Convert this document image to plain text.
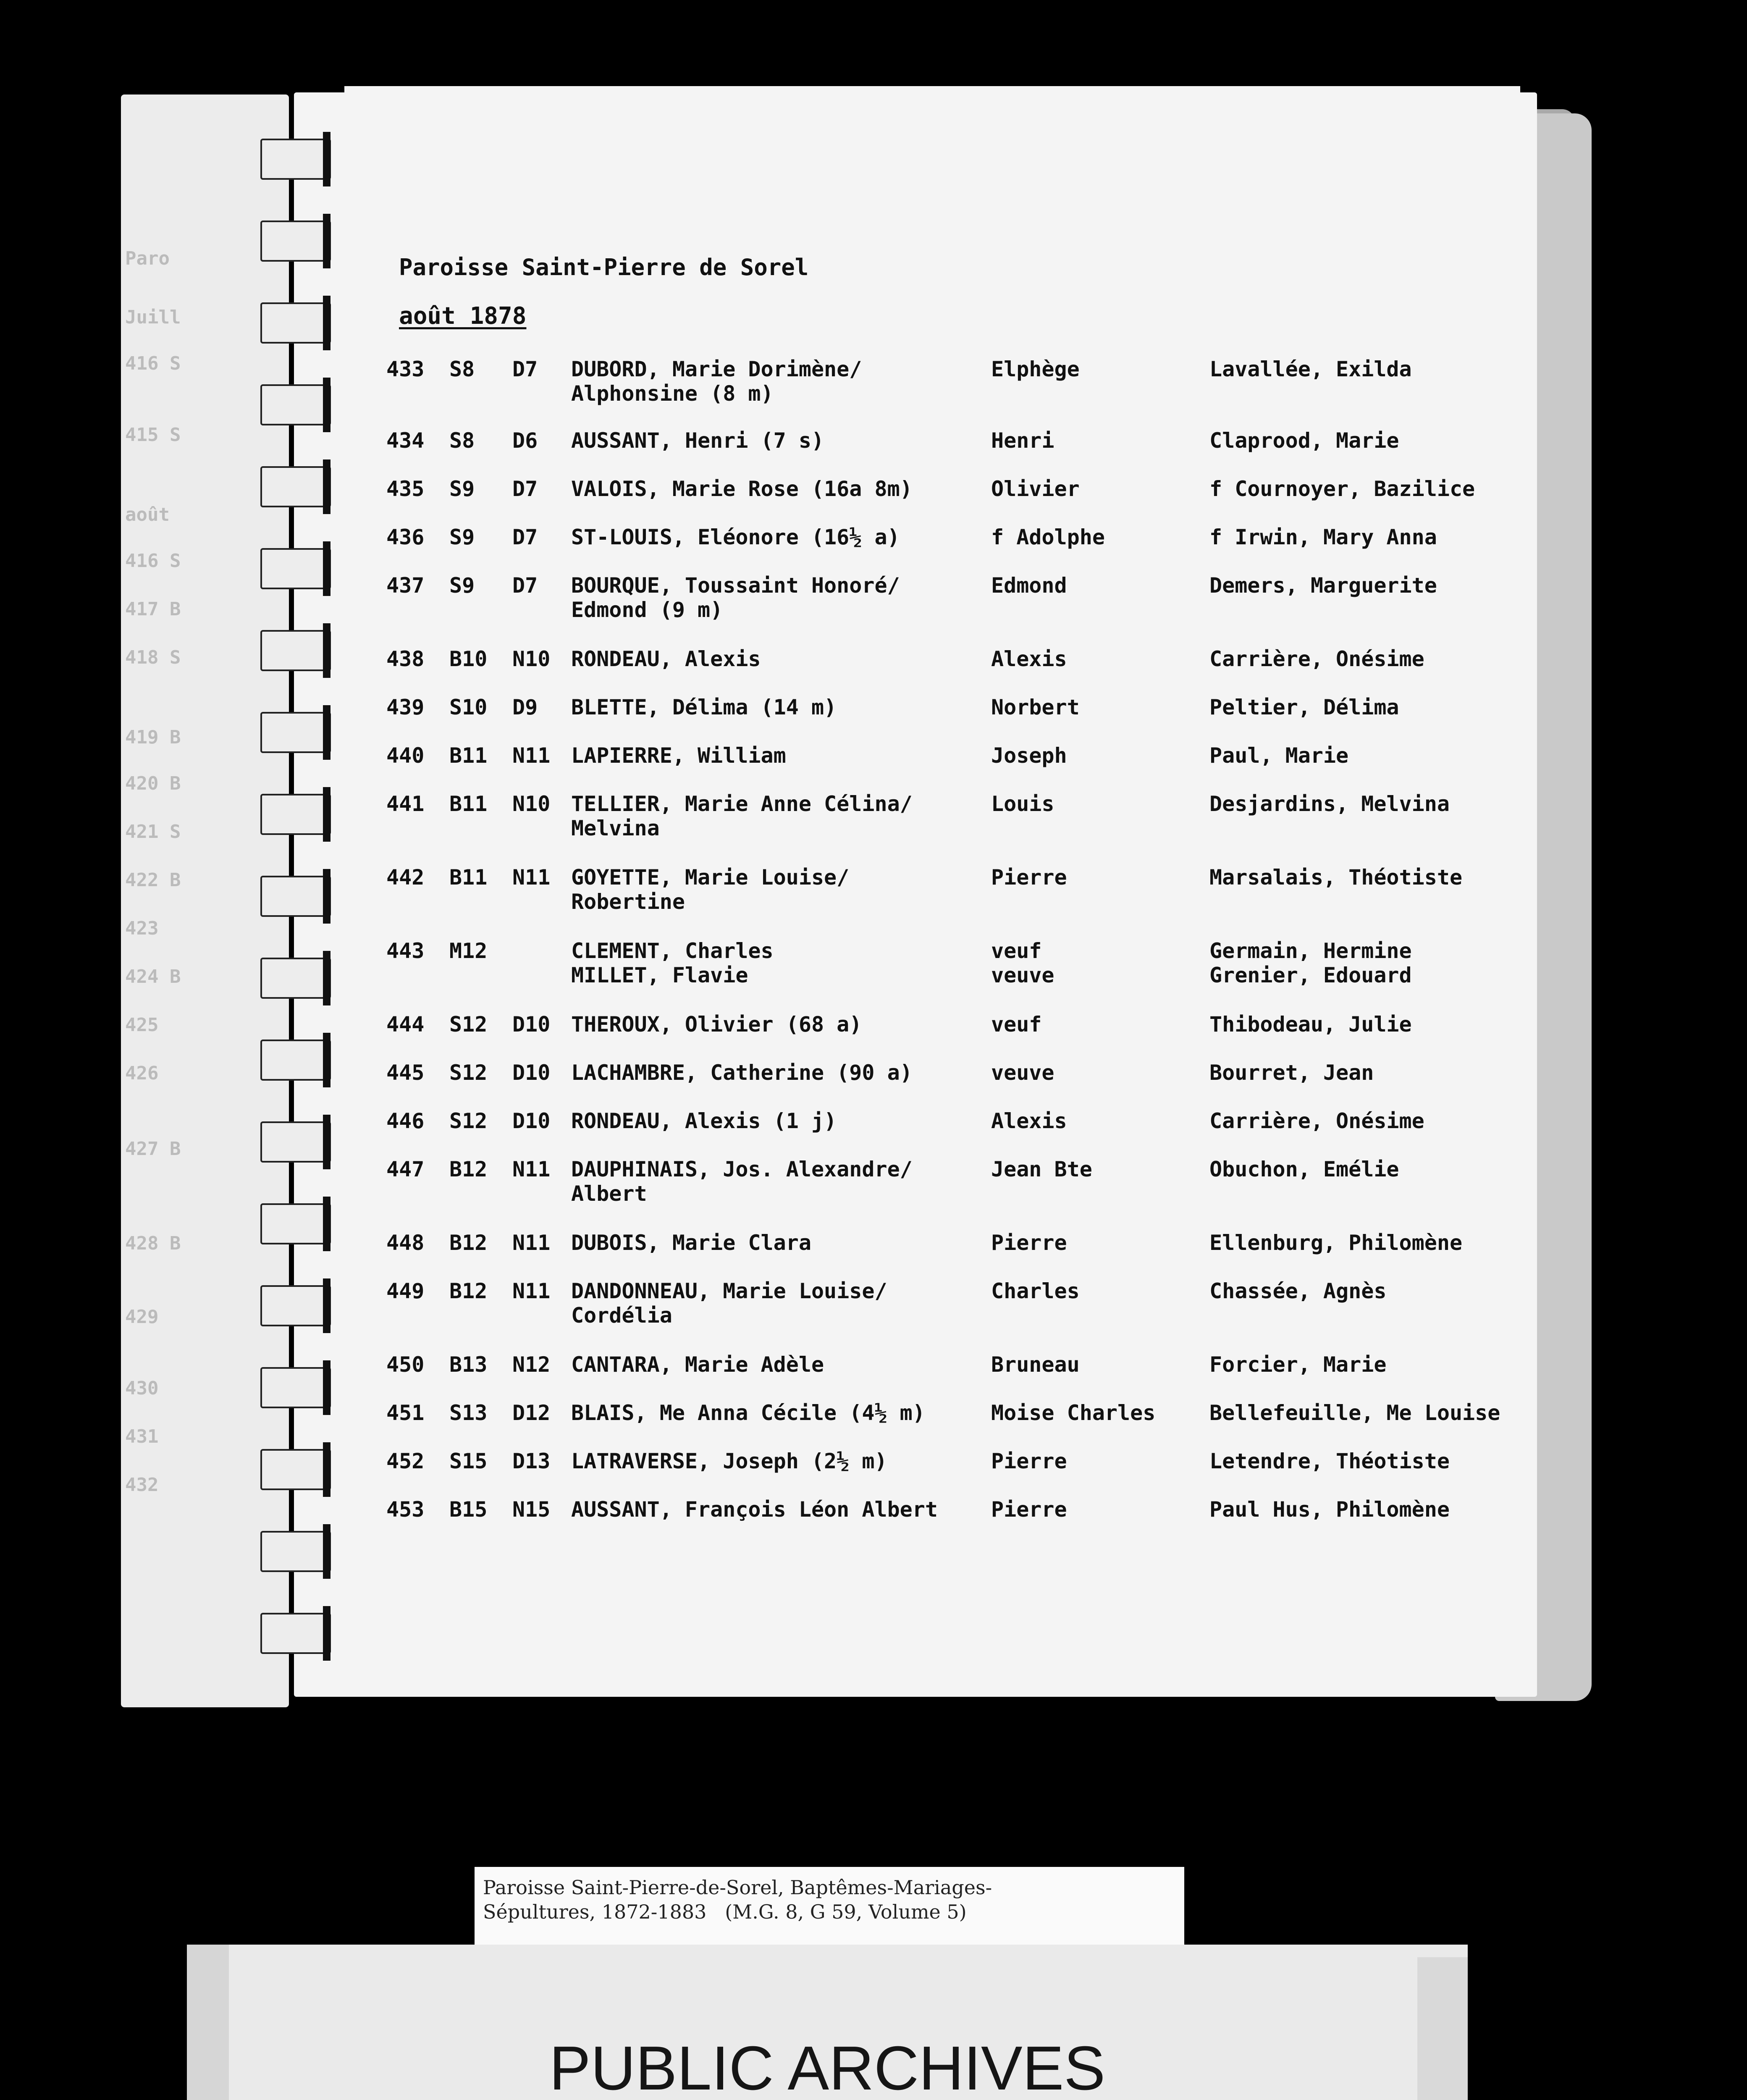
Paro
Juill
416 S
415 S
août
416 S
417 B
418 S
419 B
420 B
421 S
422 B
423
424 B
425
426
427 B
428 B
429
430
431
432
Paroisse Saint-Pierre de Sorel
août 1878
433 S8 D7 DUBORD, Marie Dorimène/	Elphège	Lavallée, Exilda
Alphonsine (8 m)
434 S8 D6 AUSSANT, Henri (7 s)	Henri	Claprood, Marie
435 S9 D7 VALOIS, Marie Rose (16a 8m)	Olivier	f Cournoyer, Bazilice
436 S9 D7 ST-LOUIS, Eléonore (16½ a)	f Adolphe	f Irwin, Mary Anna
437 S9 D7 BOURQUE, Toussaint Honoré/	Edmond	Demers, Marguerite
Edmond (9 m)
438 B10 N10 RONDEAU, Alexis	Alexis	Carrière, Onésime
439 S10 D9 BLETTE, Délima (14 m)	Norbert	Peltier, Délima
440 B11 N11 LAPIERRE, William	Joseph	Paul, Marie
441 B11 N10 TELLIER, Marie Anne Célina/	Louis	Desjardins, Melvina
Melvina
442 B11 N11 GOYETTE, Marie Louise/	Pierre	Marsalais, Théotiste
Robertine
443 M12	CLEMENT, Charles	veuf	Germain, Hermine
MILLET, Flavie	veuve	Grenier, Edouard
444 S12 D10 THEROUX, Olivier (68 a)	veuf	Thibodeau, Julie
445 S12 D10 LACHAMBRE, Catherine (90 a)	veuve	Bourret, Jean
446 S12 D10 RONDEAU, Alexis (1 j)	Alexis	Carrière, Onésime
447 B12 N11 DAUPHINAIS, Jos. Alexandre/	Jean Bte	Obuchon, Emélie
Albert
448 B12 N11 DUBOIS, Marie Clara	Pierre	Ellenburg, Philomène
449 B12 N11 DANDONNEAU, Marie Louise/	Charles	Chassée, Agnès
Cordélia
450 B13 N12 CANTARA, Marie Adèle	Bruneau	Forcier, Marie
451 S13 D12 BLAIS, Me Anna Cécile (4½ m)	Moise Charles	Bellefeuille, Me Louise
452 S15 D13 LATRAVERSE, Joseph (2½ m)	Pierre	Letendre, Théotiste
453 B15 N15 AUSSANT, François Léon Albert	Pierre	Paul Hus, Philomène
Paroisse Saint-Pierre-de-Sorel, Baptêmes-Mariages-
Sépultures, 1872-1883   (M.G. 8, G 59, Volume 5)
PUBLIC ARCHIVES
